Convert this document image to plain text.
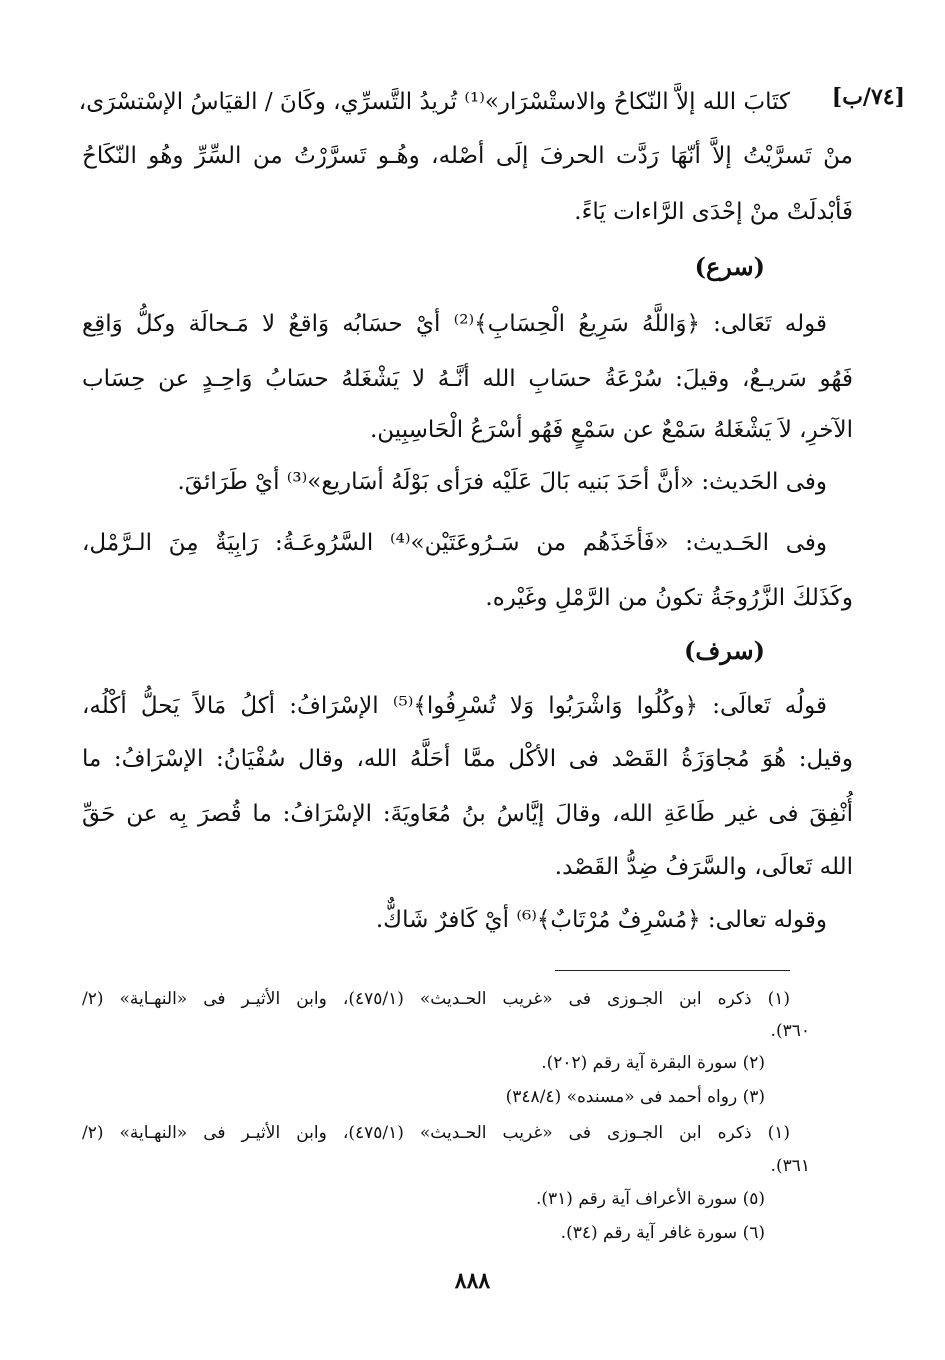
[٧٤/ب]
كتَابَ الله إلاَّ النّكاحُ والاستْسْرَار»⁽¹⁾ تُريدُ التَّسرِّي، وكَانَ / القيَاسُ الإسْتسْرَى،
منْ تَسرَّيْتُ إلاَّ أنّهَا رَدَّت الحرفَ إلَى أصْله، وهُـو تَسرَّرْتُ من السِّرِّ وهُو النّكَاحُ
فَأبْدلَتْ منْ إحْدَى الرَّاءات يَاءً.
(سرع)
قوله تَعَالى: ﴿وَاللَّهُ سَرِيعُ الْحِسَابِ﴾⁽²⁾ أيْ حسَابُه وَاقعٌ لا مَـحالَة وكلُّ وَاقِع
فَهُو سَريـعٌ، وقيلَ: سُرْعَةُ حسَابِ الله أنَّـهُ لا يَشْغَلهُ حسَابُ وَاحِـدٍ عن حِسَاب
الآخرِ، لاَ يَشْغَلهُ سَمْعٌ عن سَمْعٍ فَهُو أسْرَعُ الْحَاسِبِين.
وفى الحَديث: «أنَّ أحَدَ بَنيه بَالَ عَلَيْه فرَأى بَوْلَهُ أسَاريع»⁽³⁾ أيْ طَرَائقَ.
وفى الحَـديث: «فَأخَذَهُم من سَـرُوعَتَيْن»⁽⁴⁾ السَّرُوعَـةُ: رَابِيَةٌ مِنَ الـرَّمْل،
وكَذَلكَ الزَّرُوجَةُ تكونُ من الرَّمْلِ وغَيْره.
(سرف)
قولُه تَعالَى: ﴿وكُلُوا وَاشْرَبُوا وَلا تُسْرِفُوا﴾⁽⁵⁾ الإسْرَافُ: أكلُ مَالاً يَحلُّ أكْلُه،
وقيل: هُوَ مُجاوَزَةُ القَصْد فى الأكْل ممَّا أحَلَّهُ الله، وقال سُفْيَانُ: الإسْرَافُ: ما
أُنْفِقَ فى غير طَاعَةِ الله، وقالَ إيَّاسُ بنُ مُعَاويَةَ: الإسْرَافُ: ما قُصرَ بِه عن حَقِّ
الله تَعالَى، والسَّرَفُ ضِدُّ القَصْد.
وقوله تعالى: ﴿مُسْرِفٌ مُرْتَابٌ﴾⁽⁶⁾ أيْ كَافرٌ شَاكٌّ.
(١) ذكره ابن الجـوزى فى «غريب الحـديث» (٤٧٥/١)، وابن الأثيـر فى «النهـاية» (٢/
٣٦٠).
(٢) سورة البقرة آية رقم (٢٠٢).
(٣) رواه أحمد فى «مسنده» (٣٤٨/٤)
(١) ذكره ابن الجـوزى فى «غريب الحـديث» (٤٧٥/١)، وابن الأثيـر فى «النهـاية» (٢/
٣٦١).
(٥) سورة الأعراف آية رقم (٣١).
(٦) سورة غافر آية رقم (٣٤).
٨٨٨
